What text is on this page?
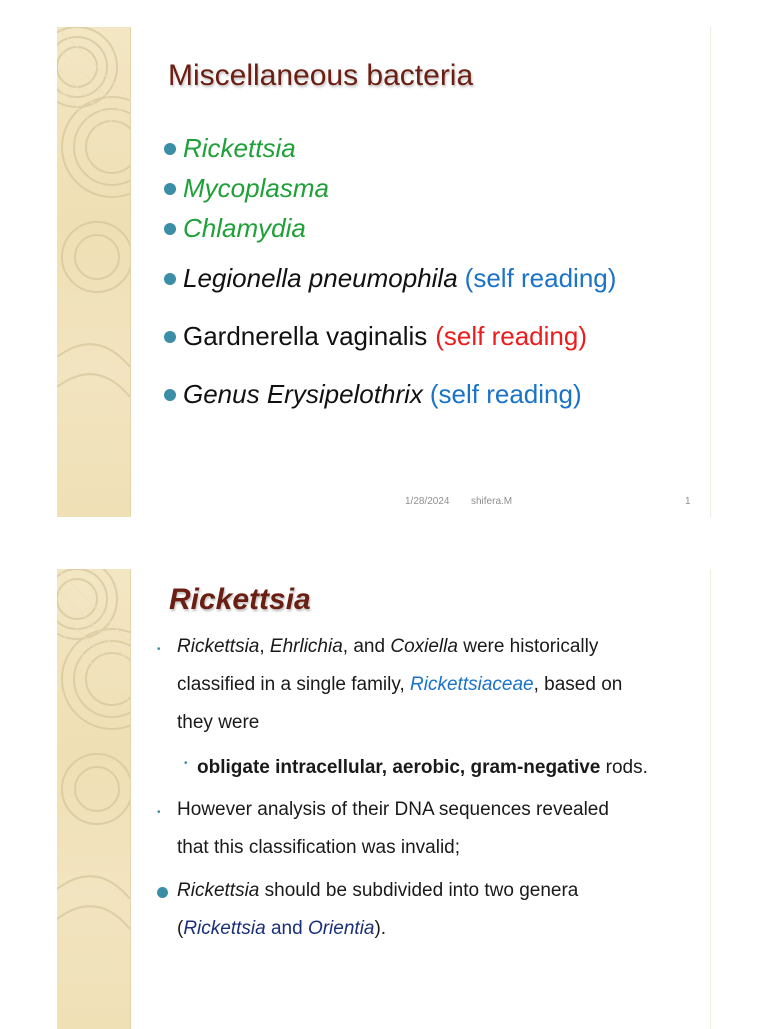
Miscellaneous bacteria
Rickettsia
Mycoplasma
Chlamydia
Legionella pneumophila (self reading)
Gardnerella vaginalis (self reading)
Genus Erysipelothrix (self reading)
1/28/2024 shifera.M	1
Rickettsia
• Rickettsia, Ehrlichia, and Coxiella were historically
classified in a single family, Rickettsiaceae, based on
they were
• obligate intracellular, aerobic, gram-negative rods.
• However analysis of their DNA sequences revealed
that this classification was invalid;
Rickettsia should be subdivided into two genera
(Rickettsia and Orientia).
